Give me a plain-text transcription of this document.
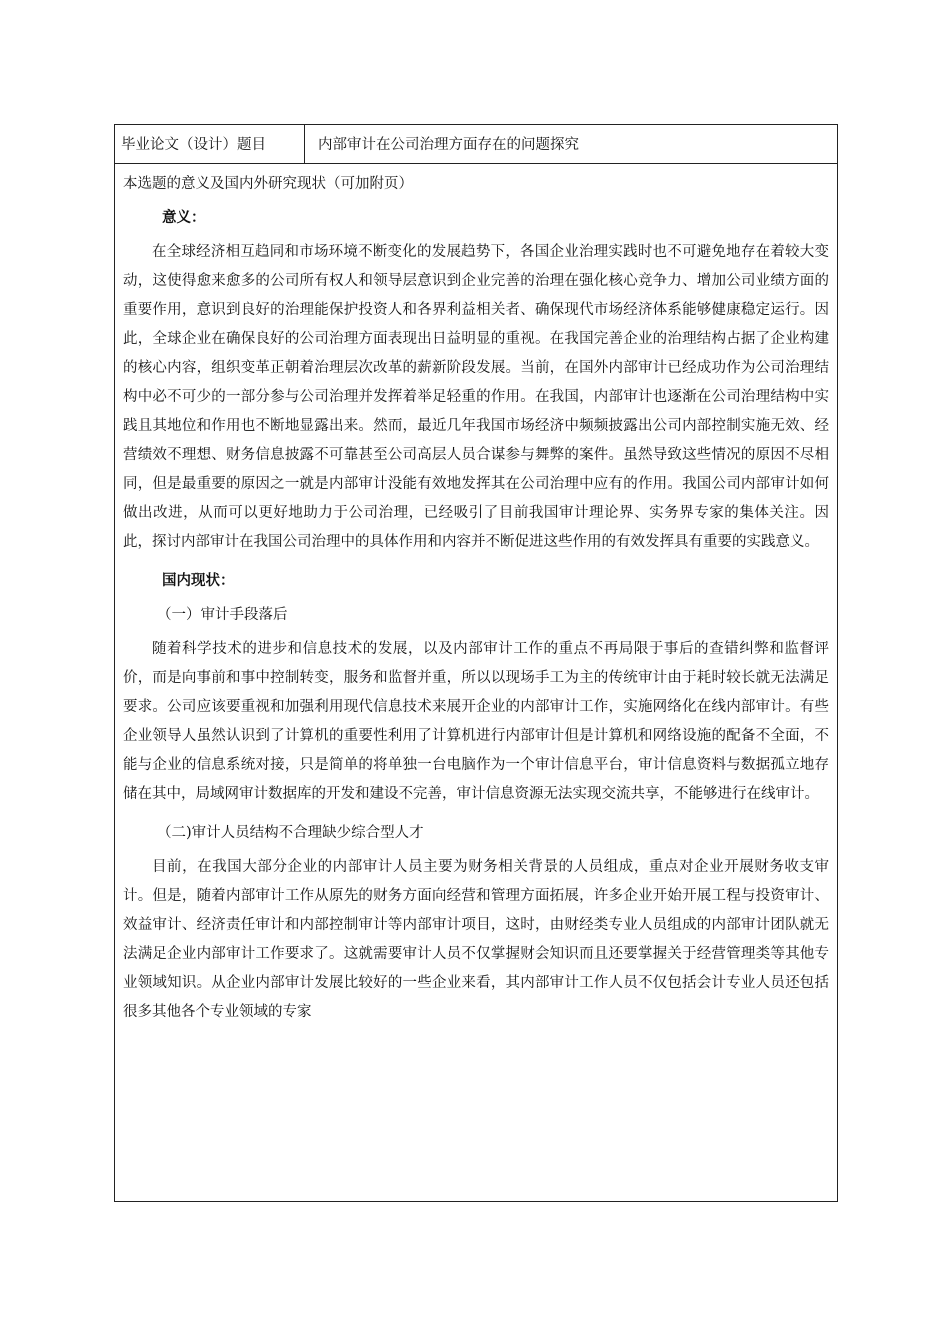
毕业论文（设计）题目	内部审计在公司治理方面存在的问题探究
本选题的意义及国内外研究现状（可加附页）
意义：

在全球经济相互趋同和市场环境不断变化的发展趋势下，各国企业治理实践时也不可避免地存在着较大变动，这使得愈来愈多的公司所有权人和领导层意识到企业完善的治理在强化核心竞争力、增加公司业绩方面的重要作用，意识到良好的治理能保护投资人和各界利益相关者、确保现代市场经济体系能够健康稳定运行。因此，全球企业在确保良好的公司治理方面表现出日益明显的重视。在我国完善企业的治理结构占据了企业构建的核心内容，组织变革正朝着治理层次改革的薪新阶段发展。当前，在国外内部审计已经成功作为公司治理结构中必不可少的一部分参与公司治理并发挥着举足轻重的作用。在我国，内部审计也逐渐在公司治理结构中实践且其地位和作用也不断地显露出来。然而，最近几年我国市场经济中频频披露出公司内部控制实施无效、经营绩效不理想、财务信息披露不可靠甚至公司高层人员合谋参与舞弊的案件。虽然导致这些情况的原因不尽相同，但是最重要的原因之一就是内部审计没能有效地发挥其在公司治理中应有的作用。我国公司内部审计如何做出改进，从而可以更好地助力于公司治理，已经吸引了目前我国审计理论界、实务界专家的集体关注。因此，探讨内部审计在我国公司治理中的具体作用和内容并不断促进这些作用的有效发挥具有重要的实践意义。

国内现状：
（一）审计手段落后

随着科学技术的进步和信息技术的发展，以及内部审计工作的重点不再局限于事后的查错纠弊和监督评价，而是向事前和事中控制转变，服务和监督并重，所以以现场手工为主的传统审计由于耗时较长就无法满足要求。公司应该要重视和加强利用现代信息技术来展开企业的内部审计工作，实施网络化在线内部审计。有些企业领导人虽然认识到了计算机的重要性利用了计算机进行内部审计但是计算机和网络设施的配备不全面，不能与企业的信息系统对接，只是简单的将单独一台电脑作为一个审计信息平台，审计信息资料与数据孤立地存储在其中，局域网审计数据库的开发和建设不完善，审计信息资源无法实现交流共享，不能够进行在线审计。

（二)审计人员结构不合理缺少综合型人才

目前，在我国大部分企业的内部审计人员主要为财务相关背景的人员组成，重点对企业开展财务收支审计。但是，随着内部审计工作从原先的财务方面向经营和管理方面拓展，许多企业开始开展工程与投资审计、效益审计、经济责任审计和内部控制审计等内部审计项目，这时，由财经类专业人员组成的内部审计团队就无法满足企业内部审计工作要求了。这就需要审计人员不仅掌握财会知识而且还要掌握关于经营管理类等其他专业领域知识。从企业内部审计发展比较好的一些企业来看，其内部审计工作人员不仅包括会计专业人员还包括很多其他各个专业领域的专家
